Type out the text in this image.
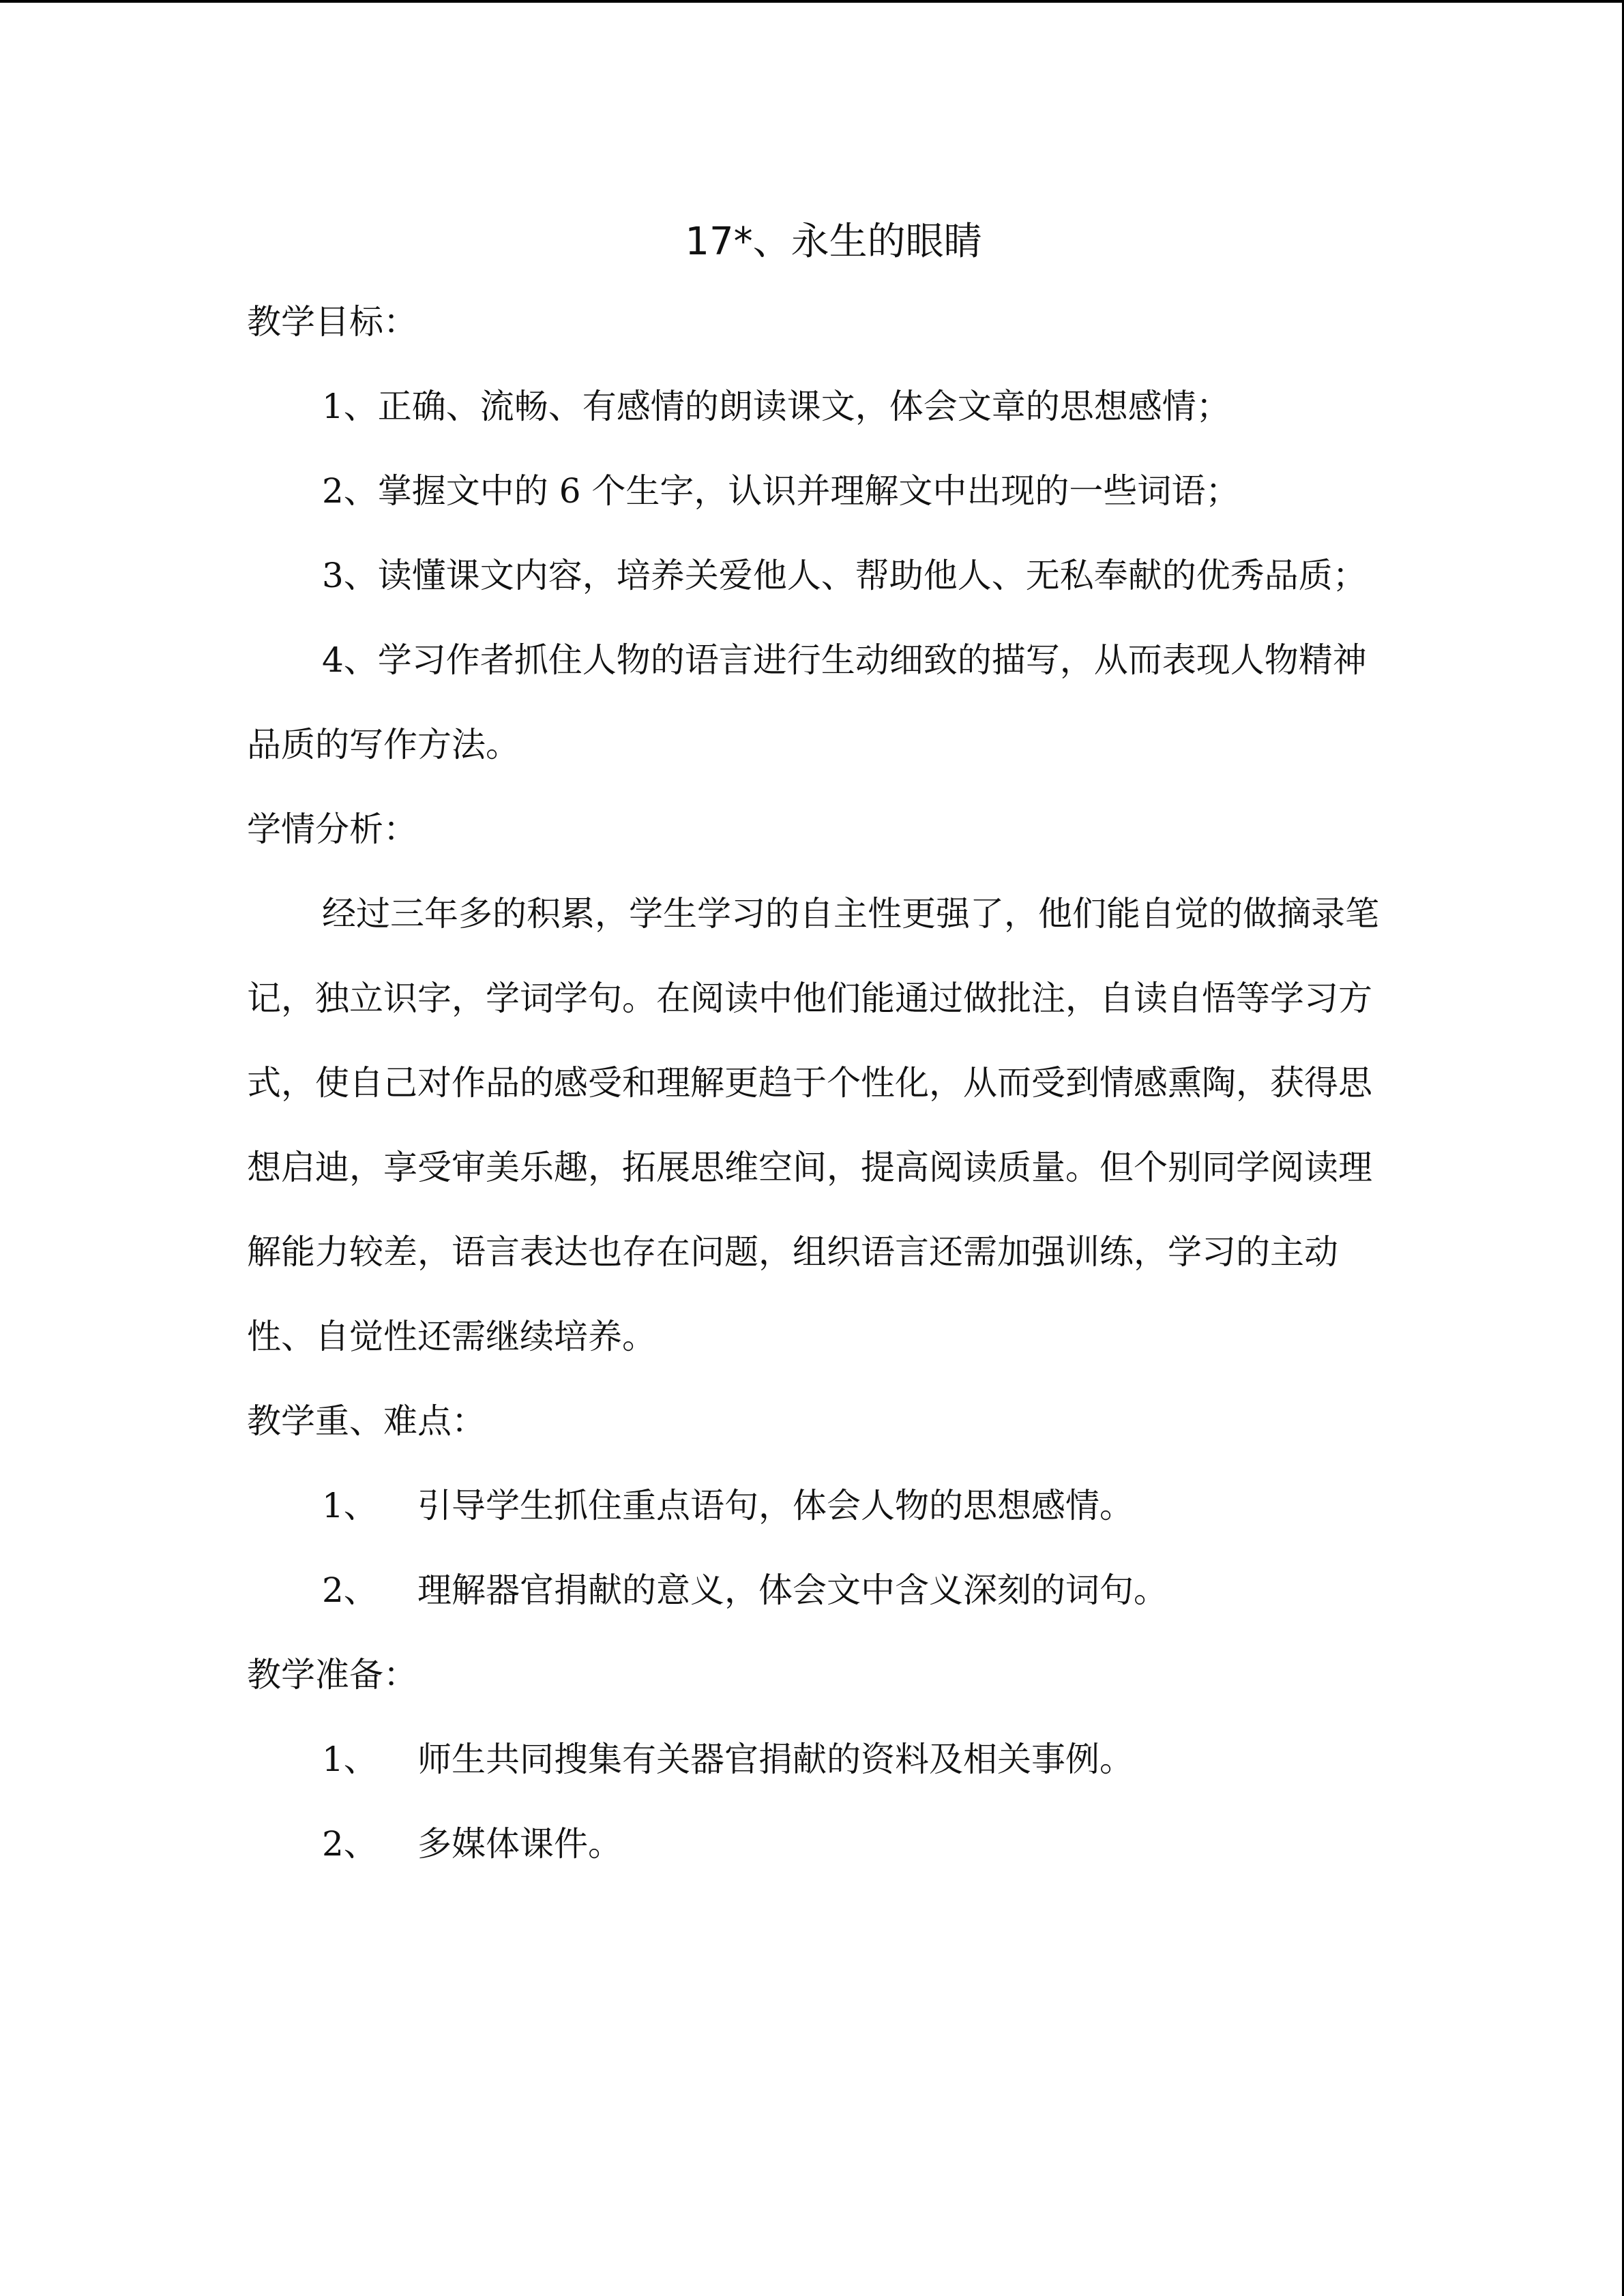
17*、永生的眼睛
教学目标：

1、正确、流畅、有感情的朗读课文，体会文章的思想感情；

2、掌握文中的 6 个生字，认识并理解文中出现的一些词语；

3、读懂课文内容，培养关爱他人、帮助他人、无私奉献的优秀品质；

4、学习作者抓住人物的语言进行生动细致的描写，从而表现人物精神品质的写作方法。

学情分析：

经过三年多的积累，学生学习的自主性更强了，他们能自觉的做摘录笔记，独立识字，学词学句。在阅读中他们能通过做批注，自读自悟等学习方式，使自己对作品的感受和理解更趋于个性化，从而受到情感熏陶，获得思想启迪，享受审美乐趣，拓展思维空间，提高阅读质量。但个别同学阅读理解能力较差，语言表达也存在问题，组织语言还需加强训练，学习的主动性、自觉性还需继续培养。

教学重、难点：
1、 引导学生抓住重点语句，体会人物的思想感情。
2、 理解器官捐献的意义，体会文中含义深刻的词句。
教学准备：
1、 师生共同搜集有关器官捐献的资料及相关事例。
2、 多媒体课件。
